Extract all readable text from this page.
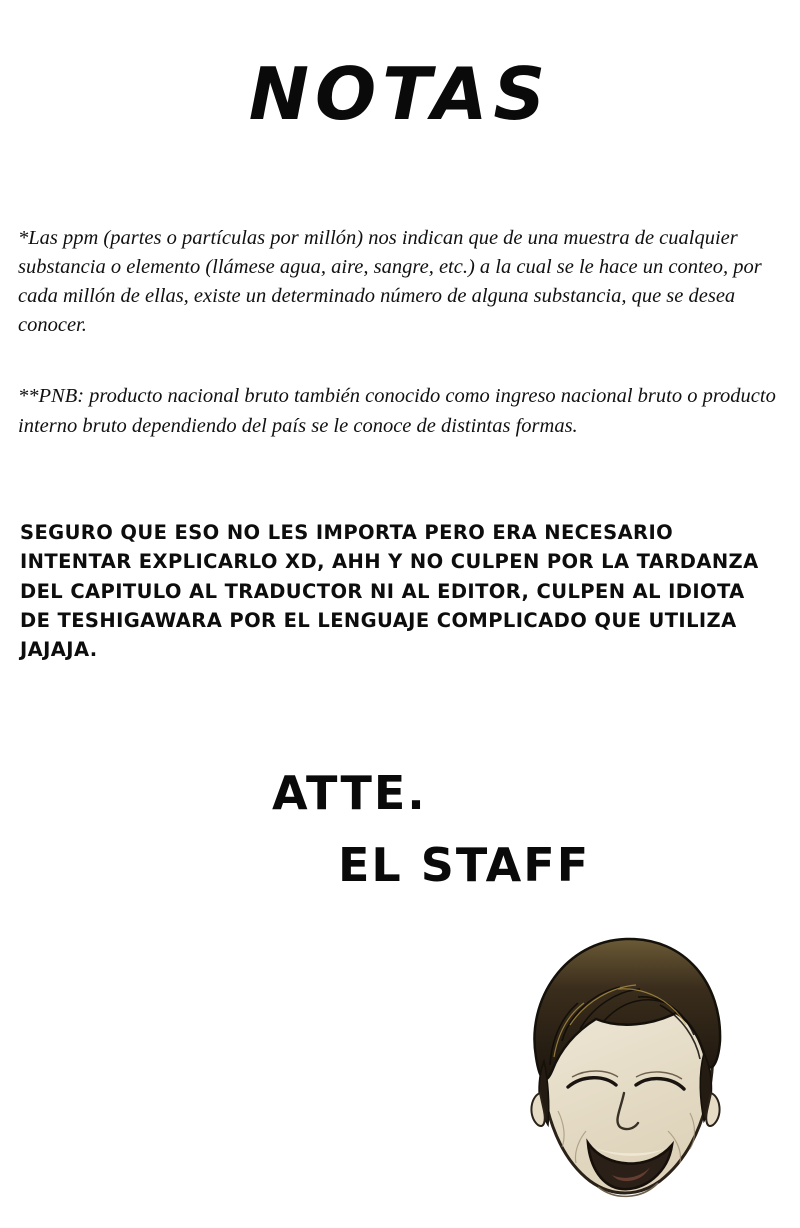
NOTAS

*Las ppm (partes o partículas por millón) nos indican que de una muestra de cualquier substancia o elemento (llámese agua, aire, sangre, etc.) a la cual se le hace un conteo, por cada millón de ellas, existe un determinado número de alguna substancia, que se desea conocer.

**PNB: producto nacional bruto también conocido como ingreso nacional bruto o producto interno bruto dependiendo del país se le conoce de distintas formas.

SEGURO QUE ESO NO LES IMPORTA PERO ERA NECESARIO INTENTAR EXPLICARLO XD, AHH Y NO CULPEN POR LA TARDANZA DEL CAPITULO AL TRADUCTOR NI AL EDITOR, CULPEN AL IDIOTA DE TESHIGAWARA POR EL LENGUAJE COMPLICADO QUE UTILIZA JAJAJA.
ATTE.
EL STAFF
